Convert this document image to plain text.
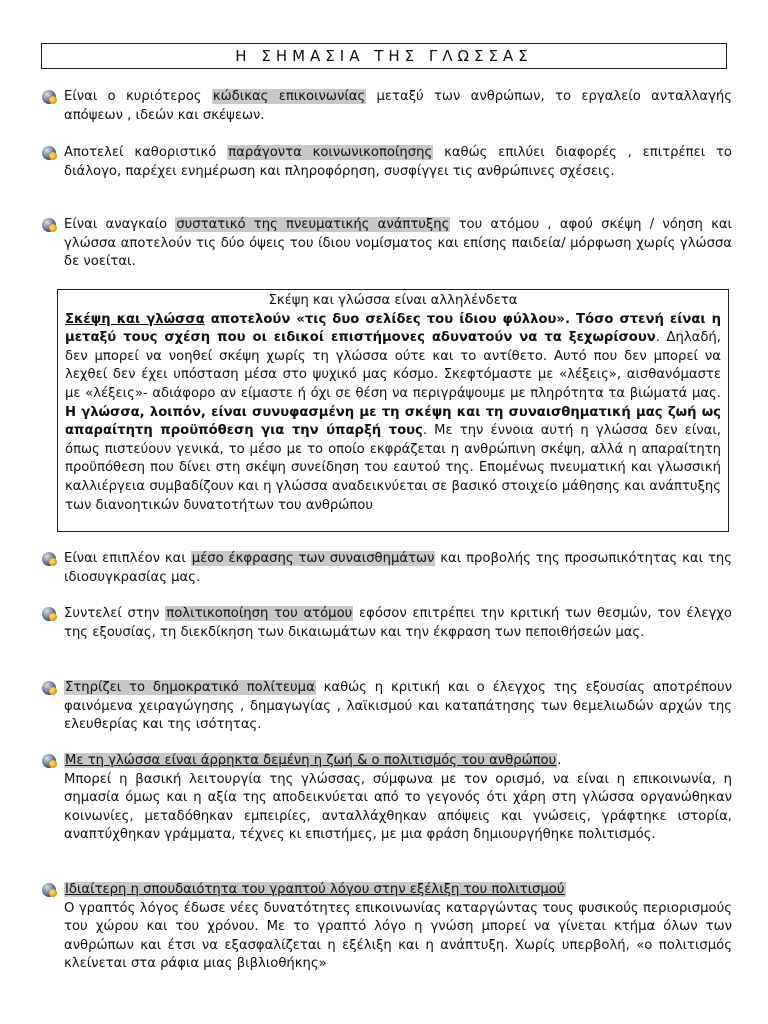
Η ΣΗΜΑΣΙΑ ΤΗΣ ΓΛΩΣΣΑΣ
Είναι ο κυριότερος κώδικας επικοινωνίας μεταξύ των ανθρώπων, το εργαλείο ανταλλαγής απόψεων , ιδεών και σκέψεων.
Αποτελεί καθοριστικό παράγοντα κοινωνικοποίησης καθώς επιλύει διαφορές , επιτρέπει το διάλογο, παρέχει ενημέρωση και πληροφόρηση, συσφίγγει τις ανθρώπινες σχέσεις.
Είναι αναγκαίο συστατικό της πνευματικής ανάπτυξης του ατόμου , αφού σκέψη / νόηση και γλώσσα αποτελούν τις δύο όψεις του ίδιου νομίσματος και επίσης παιδεία/ μόρφωση χωρίς γλώσσα δε νοείται.
Σκέψη και γλώσσα είναι αλληλένδετα
Σκέψη και γλώσσα αποτελούν «τις δυο σελίδες του ίδιου φύλλου». Τόσο στενή είναι η μεταξύ τους σχέση που οι ειδικοί επιστήμονες αδυνατούν να τα ξεχωρίσουν. Δηλαδή, δεν μπορεί να νοηθεί σκέψη χωρίς τη γλώσσα ούτε και το αντίθετο. Αυτό που δεν μπορεί να λεχθεί δεν έχει υπόσταση μέσα στο ψυχικό μας κόσμο. Σκεφτόμαστε με «λέξεις», αισθανόμαστε με «λέξεις»- αδιάφορο αν είμαστε ή όχι σε θέση να περιγράψουμε με πληρότητα τα βιώματά μας. Η γλώσσα, λοιπόν, είναι συνυφασμένη με τη σκέψη και τη συναισθηματική μας ζωή ως απαραίτητη προϋπόθεση για την ύπαρξή τους. Με την έννοια αυτή η γλώσσα δεν είναι, όπως πιστεύουν γενικά, το μέσο με το οποίο εκφράζεται η ανθρώπινη σκέψη, αλλά η απαραίτητη προϋπόθεση που δίνει στη σκέψη συνείδηση του εαυτού της. Επομένως πνευματική και γλωσσική καλλιέργεια συμβαδίζουν και η γλώσσα αναδεικνύεται σε βασικό στοιχείο μάθησης και ανάπτυξης των διανοητικών δυνατοτήτων του ανθρώπου
Είναι επιπλέον και μέσο έκφρασης των συναισθημάτων και προβολής της προσωπικότητας και της ιδιοσυγκρασίας μας.
Συντελεί στην πολιτικοποίηση του ατόμου εφόσον επιτρέπει την κριτική των θεσμών, τον έλεγχο της εξουσίας, τη διεκδίκηση των δικαιωμάτων και την έκφραση των πεποιθήσεών μας.
Στηρίζει το δημοκρατικό πολίτευμα καθώς η κριτική και ο έλεγχος της εξουσίας αποτρέπουν φαινόμενα χειραγώγησης , δημαγωγίας , λαϊκισμού και καταπάτησης των θεμελιωδών αρχών της ελευθερίας και της ισότητας.
Με τη γλώσσα είναι άρρηκτα δεμένη η ζωή & ο πολιτισμός του ανθρώπου.
Μπορεί η βασική λειτουργία της γλώσσας, σύμφωνα με τον ορισμό, να είναι η επικοινωνία, η σημασία όμως και η αξία της αποδεικνύεται από το γεγονός ότι χάρη στη γλώσσα οργανώθηκαν κοινωνίες, μεταδόθηκαν εμπειρίες, ανταλλάχθηκαν απόψεις και γνώσεις, γράφτηκε ιστορία, αναπτύχθηκαν γράμματα, τέχνες κι επιστήμες, με μια φράση δημιουργήθηκε πολιτισμός.
Ιδιαίτερη η σπουδαιότητα του γραπτού λόγου στην εξέλιξη του πολιτισμού
Ο γραπτός λόγος έδωσε νέες δυνατότητες επικοινωνίας καταργώντας τους φυσικούς περιορισμούς του χώρου και του χρόνου. Με το γραπτό λόγο η γνώση μπορεί να γίνεται κτήμα όλων των ανθρώπων και έτσι να εξασφαλίζεται η εξέλιξη και η ανάπτυξη. Χωρίς υπερβολή, «ο πολιτισμός κλείνεται στα ράφια μιας βιβλιοθήκης»
